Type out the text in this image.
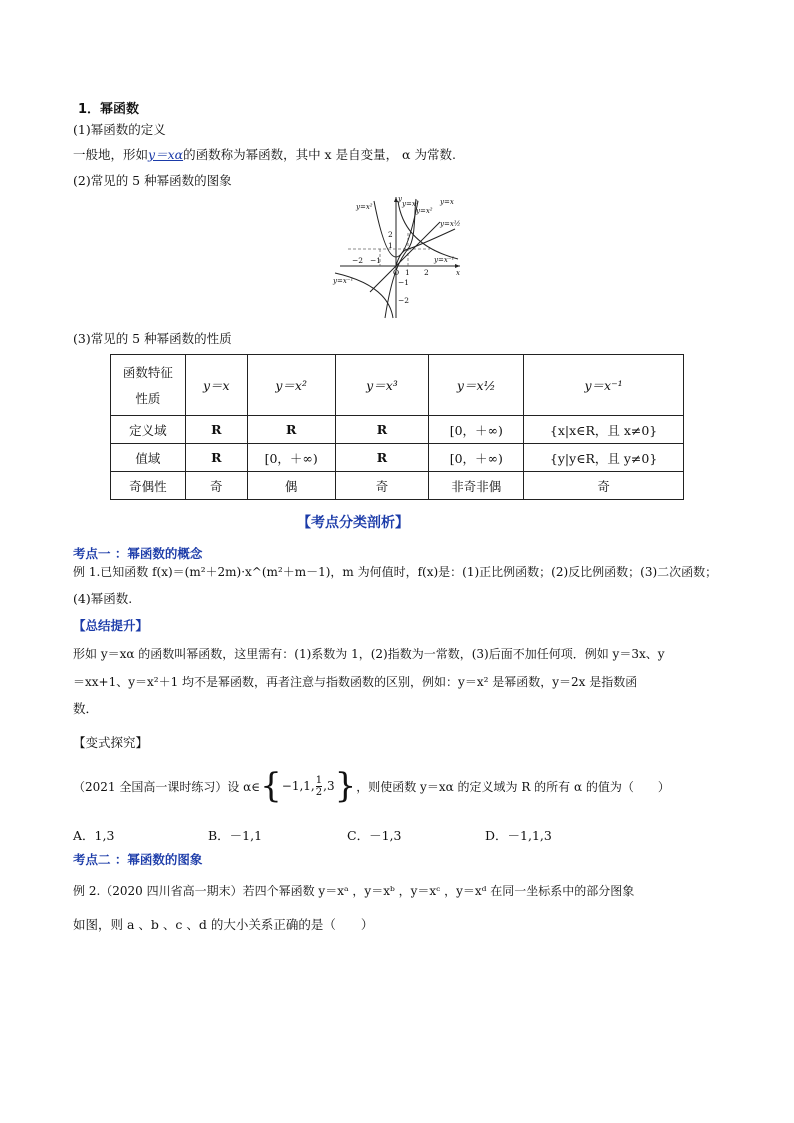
1．幂函数
(1)幂函数的定义
一般地，形如y＝xα的函数称为幂函数，其中 x 是自变量， α 为常数.
(2)常见的 5 种幂函数的图象
y=x²	y=x³
y=x²
y=x
y=x½
y=x⁻¹
y=x⁻¹
x
y
2
1
−2 −1
O 1 2
−1
−2
(3)常见的 5 种幂函数的性质
函数特征
性质	y＝x	y＝x²	y＝x³	y＝x½	y＝x⁻¹
定义域	R	R	R	[0，＋∞)	{x|x∈R，且 x≠0}
值域	R	[0，＋∞)	R	[0，＋∞)	{y|y∈R，且 y≠0}
奇偶性	奇	偶	奇	非奇非偶	奇
【考点分类剖析】
考点一 ：幂函数的概念
例 1.已知函数 f(x)＝(m²＋2m)·x^(m²＋m－1)，m 为何值时，f(x)是：(1)正比例函数；(2)反比例函数；(3)二次函数；
(4)幂函数.
【总结提升】
形如 y＝xα 的函数叫幂函数，这里需有：(1)系数为 1，(2)指数为一常数，(3)后面不加任何项．例如 y＝3x、y
＝xx+1、y＝x²＋1 均不是幂函数，再者注意与指数函数的区别，例如：y＝x² 是幂函数，y＝2x 是指数函
数．
【变式探究】
（2021 全国高一课时练习）设 α∈ { −1,1, $\frac{1}{2} ,3$ } ，则使函数 y＝xα 的定义域为 R 的所有 α 的值为（　　）
A．1,3	B．－1,1	C．－1,3	D．－1,1,3
考点二 ：幂函数的图象
例 2.（2020 四川省高一期末）若四个幂函数 y＝xᵃ ，y＝xᵇ ，y＝xᶜ ，y＝xᵈ 在同一坐标系中的部分图象
如图，则 a 、b 、c 、d 的大小关系正确的是（　　）
